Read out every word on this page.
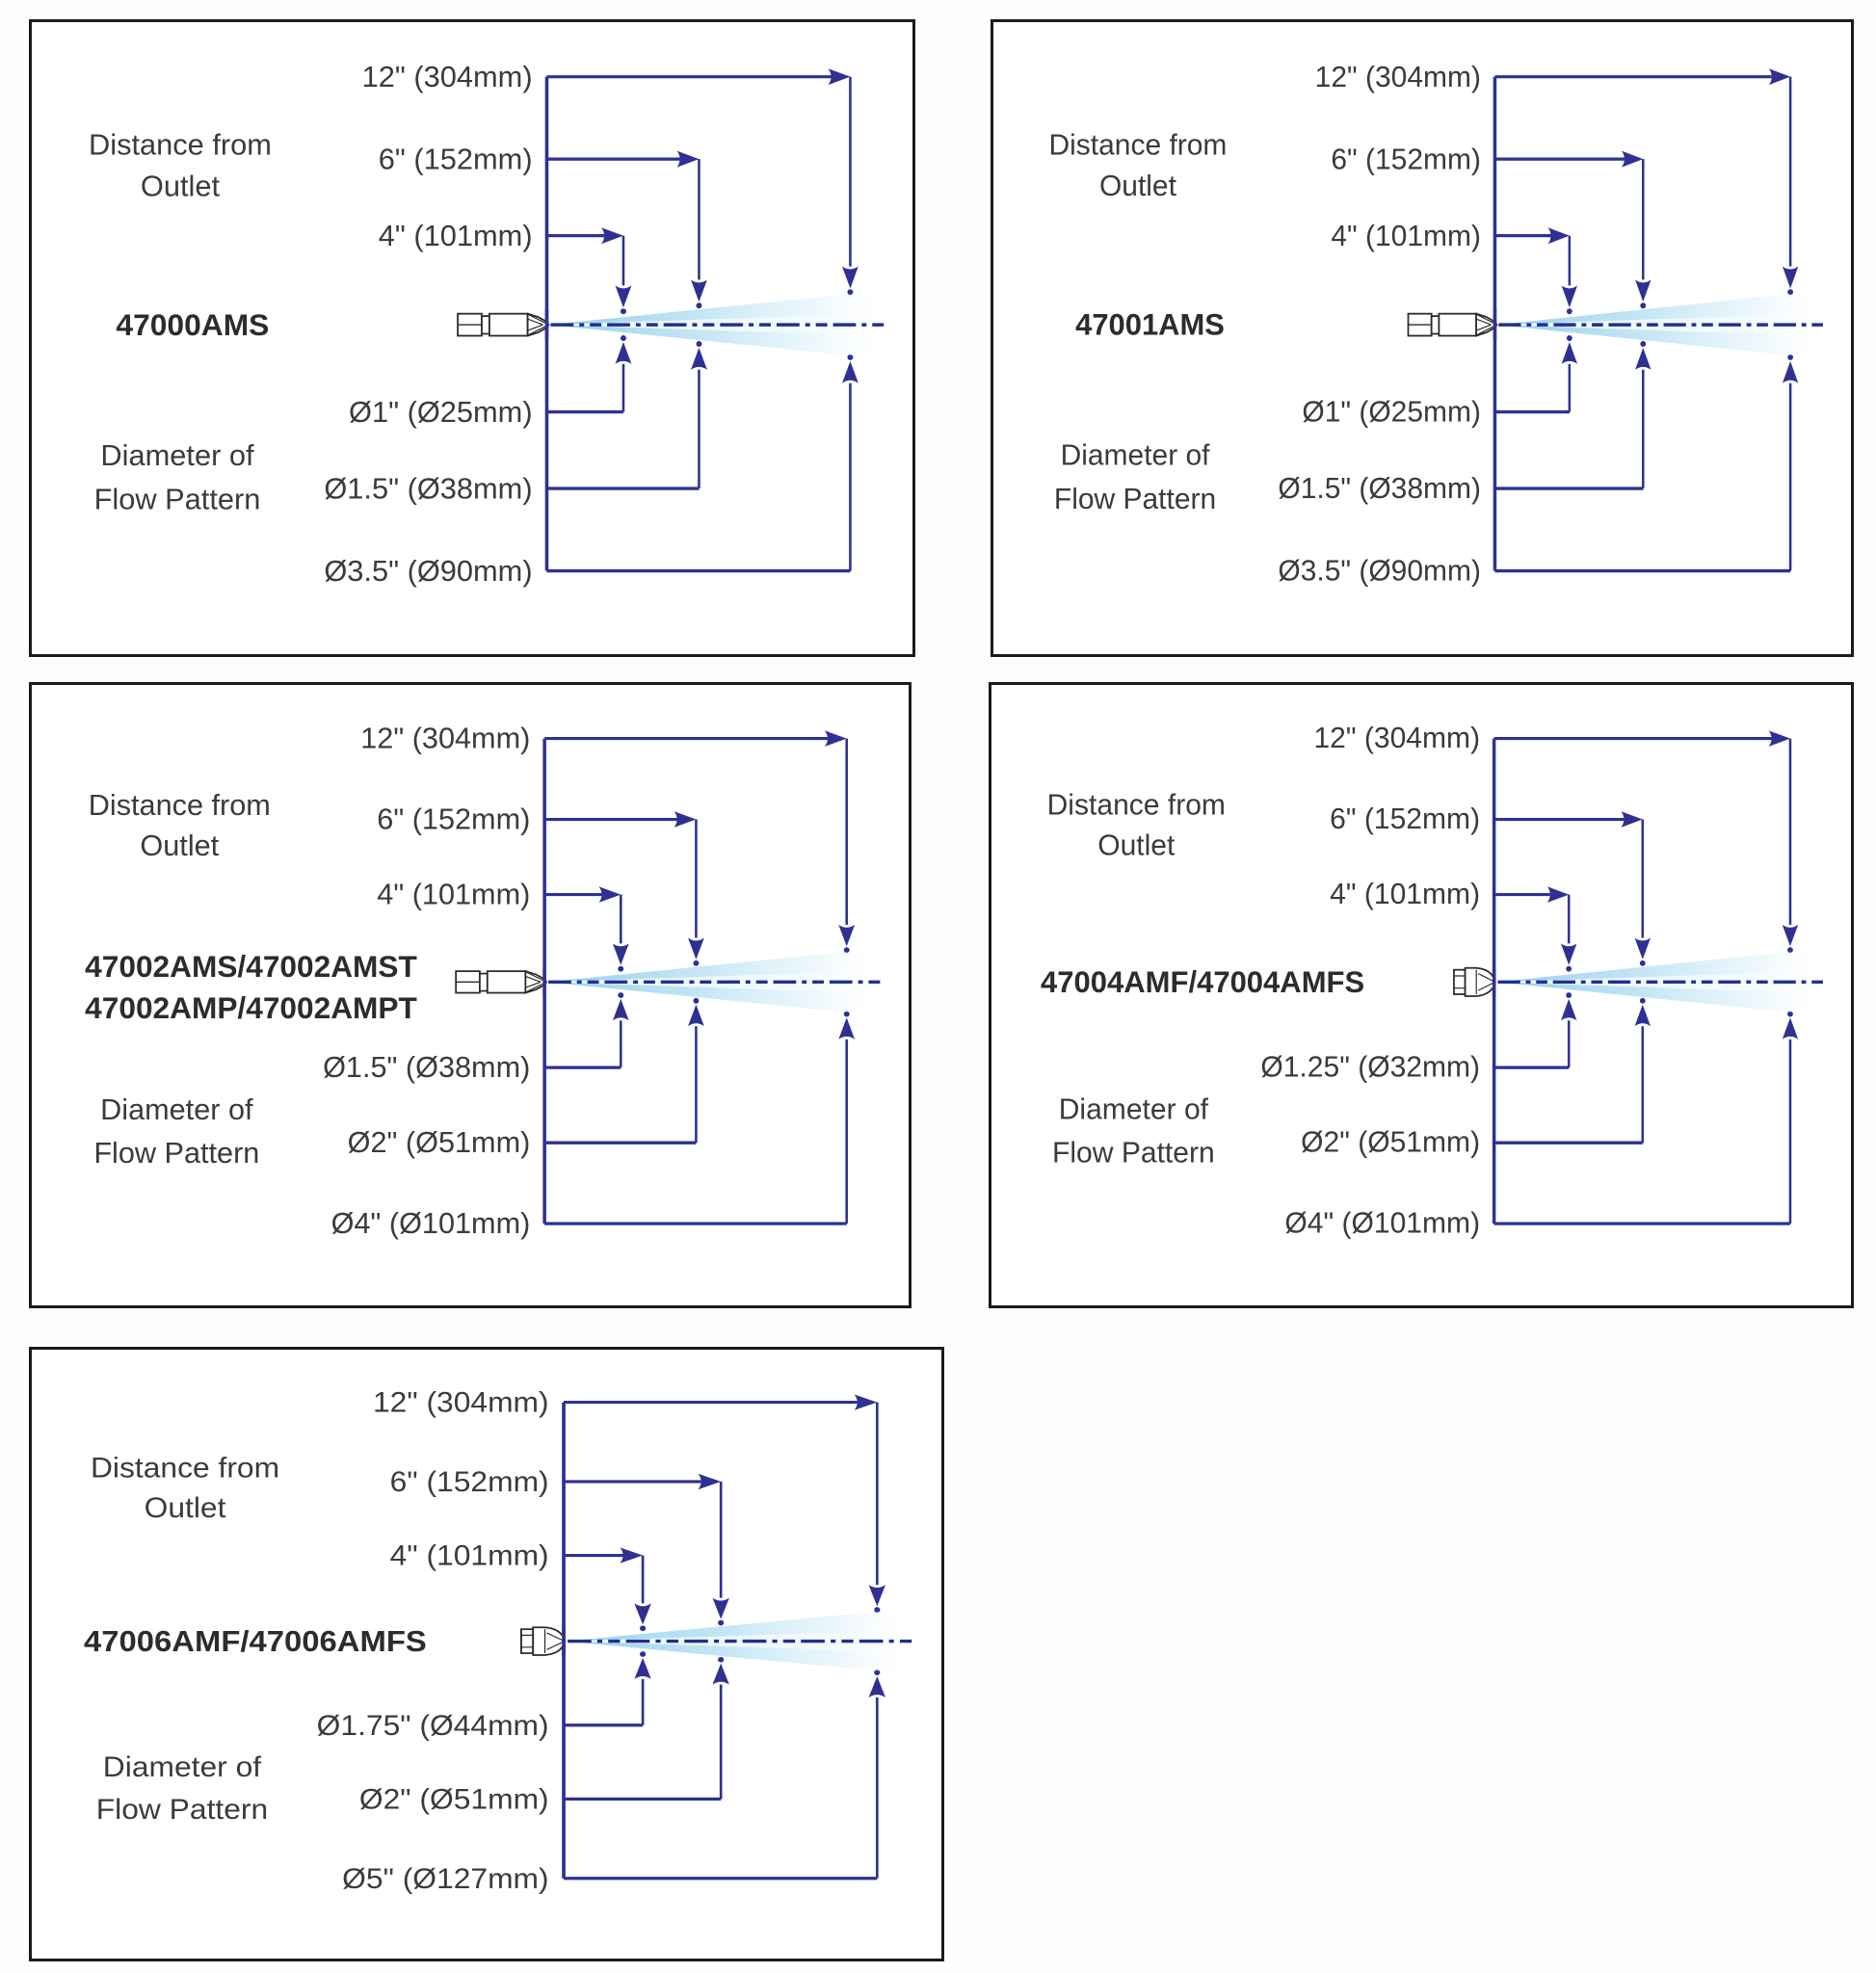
Distance from
Outlet
12" (304mm)
6" (152mm)
4" (101mm)
47000AMS
Diameter of
Flow Pattern
Ø1" (Ø25mm)
Ø1.5" (Ø38mm)
Ø3.5" (Ø90mm)
Distance from
Outlet
12" (304mm)
6" (152mm)
4" (101mm)
47001AMS
Diameter of
Flow Pattern
Ø1" (Ø25mm)
Ø1.5" (Ø38mm)
Ø3.5" (Ø90mm)
Distance from
Outlet
12" (304mm)
6" (152mm)
4" (101mm)
47002AMS/47002AMST
47002AMP/47002AMPT
Diameter of
Flow Pattern
Ø1.5" (Ø38mm)
Ø2" (Ø51mm)
Ø4" (Ø101mm)
Distance from
Outlet
12" (304mm)
6" (152mm)
4" (101mm)
47004AMF/47004AMFS
Diameter of
Flow Pattern
Ø1.25" (Ø32mm)
Ø2" (Ø51mm)
Ø4" (Ø101mm)
Distance from
Outlet
12" (304mm)
6" (152mm)
4" (101mm)
47006AMF/47006AMFS
Diameter of
Flow Pattern
Ø1.75" (Ø44mm)
Ø2" (Ø51mm)
Ø5" (Ø127mm)
